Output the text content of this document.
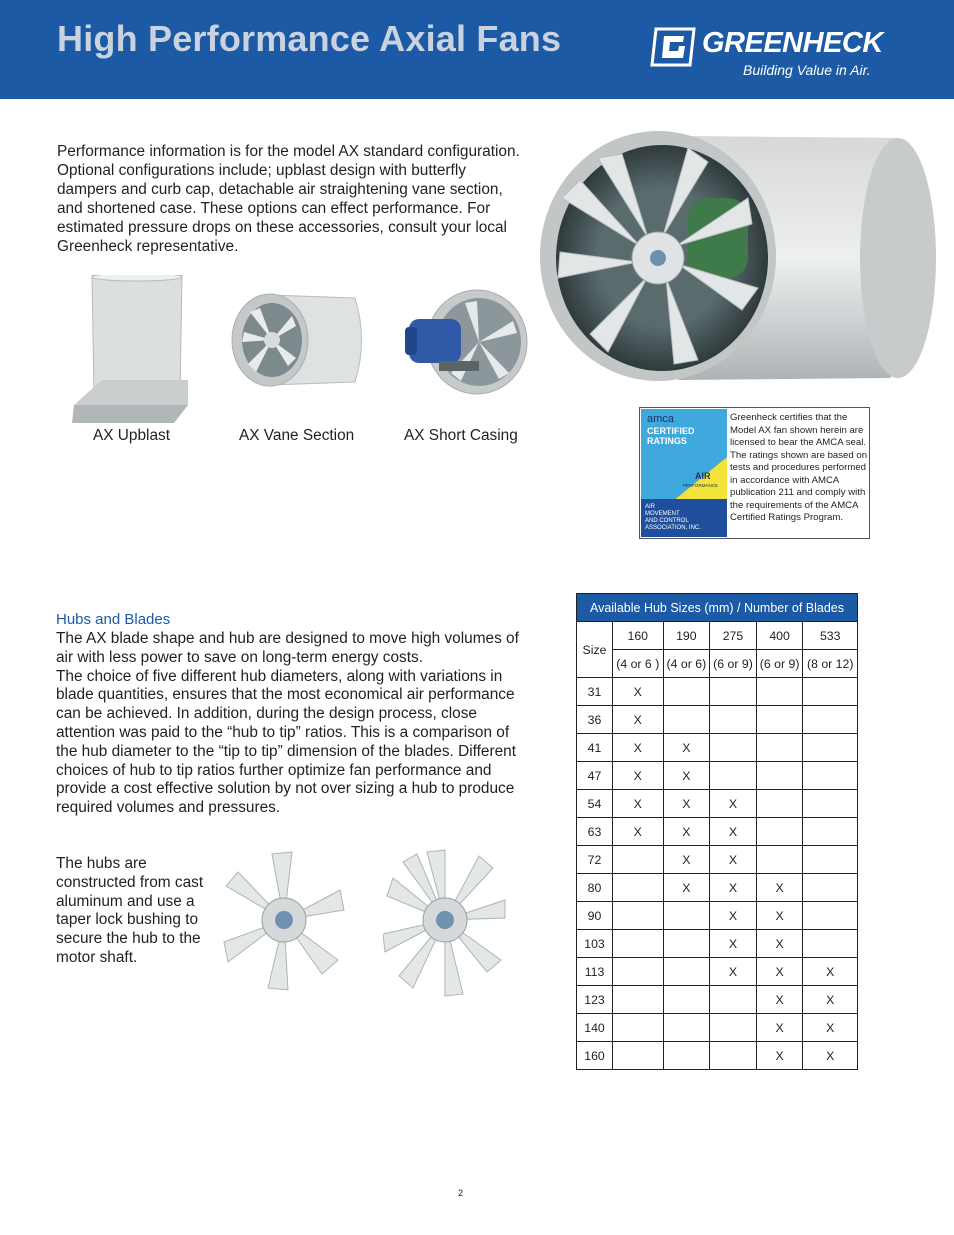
High Performance Axial Fans	GREENHECK
Building Value in Air.
Performance information is for the model AX standard configuration. Optional configurations include; upblast design with butterfly dampers and curb cap, detachable air straightening vane section, and shortened case. These options can effect performance. For estimated pressure drops on these accessories, consult your local Greenheck representative.
AX Upblast	AX Vane Section	AX Short Casing
amca
CERTIFIED
RATINGS
AIR
PERFORMANCE
AIR
MOVEMENT
AND CONTROL
ASSOCIATION, INC.
Greenheck certifies that the Model AX fan shown herein are licensed to bear the AMCA seal. The ratings shown are based on tests and procedures performed in accordance with AMCA publication 211 and comply with the requirements of the AMCA Certified Ratings Program.
Hubs and Blades

The AX blade shape and hub are designed to move high volumes of air with less power to save on long-term energy costs.

The choice of five different hub diameters, along with variations in blade quantities, ensures that the most economical air performance can be achieved. In addition, during the design process, close attention was paid to the “hub to tip” ratios. This is a comparison of the hub diameter to the “tip to tip” dimension of the blades. Different choices of hub to tip ratios further optimize fan performance and provide a cost effective solution by not over sizing a hub to produce required volumes and pressures.

The hubs are constructed from cast aluminum and use a taper lock bushing to secure the hub to the motor shaft.
Available Hub Sizes (mm) / Number of Blades					
Size	160	190	275	400	533
	(4 or 6 )	(4 or 6)	(6 or 9)	(6 or 9)	(8 or 12)
31	X				
36	X				
41	X	X			
47	X	X			
54	X	X	X		
63	X	X	X		
72		X	X		
80		X	X	X	
90			X	X	
103			X	X	
113			X	X	X
123				X	X
140				X	X
160				X	X
2
